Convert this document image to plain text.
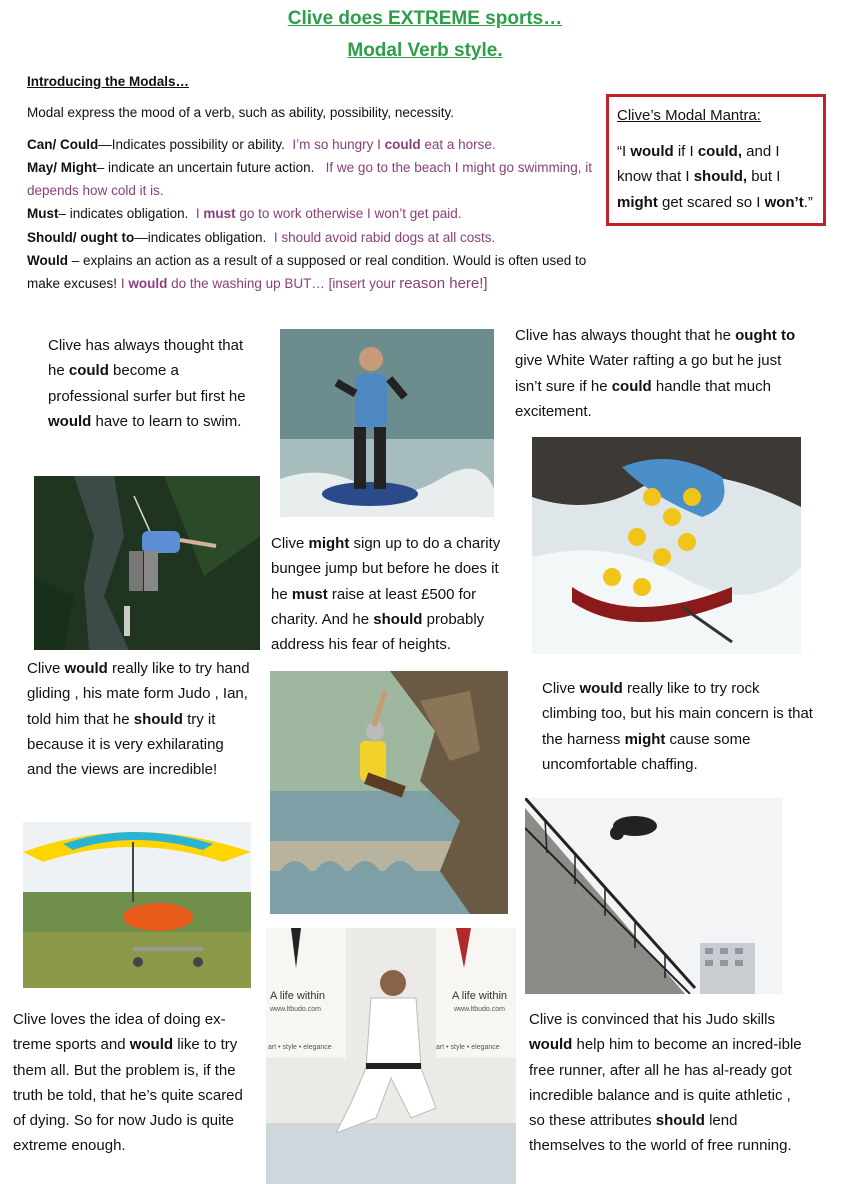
Clive does EXTREME sports…
Modal Verb style.
Introducing the Modals…
Modal express the mood of a verb, such as ability, possibility, necessity.
Can/ Could—Indicates possibility or ability. I’m so hungry I could eat a horse.
May/ Might– indicate an uncertain future action. If we go to the beach I might go swimming, it depends how cold it is.
Must– indicates obligation. I must go to work otherwise I won’t get paid.
Should/ ought to—indicates obligation. I should avoid rabid dogs at all costs.
Would – explains an action as a result of a supposed or real condition. Would is often used to make excuses! I would do the washing up BUT… [insert your reason here!]
Clive’s Modal Mantra:
“I would if I could, and I know that I should, but I might get scared so I won’t.”
Clive has always thought that he could become a professional surfer but first he would have to learn to swim.
Clive has always thought that he ought to give White Water rafting a go but he just isn’t sure if he could handle that much excitement.
Clive might sign up to do a charity bungee jump but before he does it he must raise at least £500 for charity. And he should probably address his fear of heights.
Clive would really like to try hand gliding , his mate form Judo , Ian, told him that he should try it because it is very exhilarating and the views are incredible!
Clive would really like to try rock climbing too, but his main concern is that the harness might cause some uncomfortable chaffing.
A life within
www.ltbudo.com
art • style • elegance
A life within
www.ltbudo.com
art • style • elegance
Clive loves the idea of doing ex-treme sports and would like to try them all. But the problem is, if the truth be told, that he’s quite scared of dying. So for now Judo is quite extreme enough.
Clive is convinced that his Judo skills would help him to become an incred-ible free runner, after all he has al-ready got incredible balance and is quite athletic , so these attributes should lend themselves to the world of free running.
